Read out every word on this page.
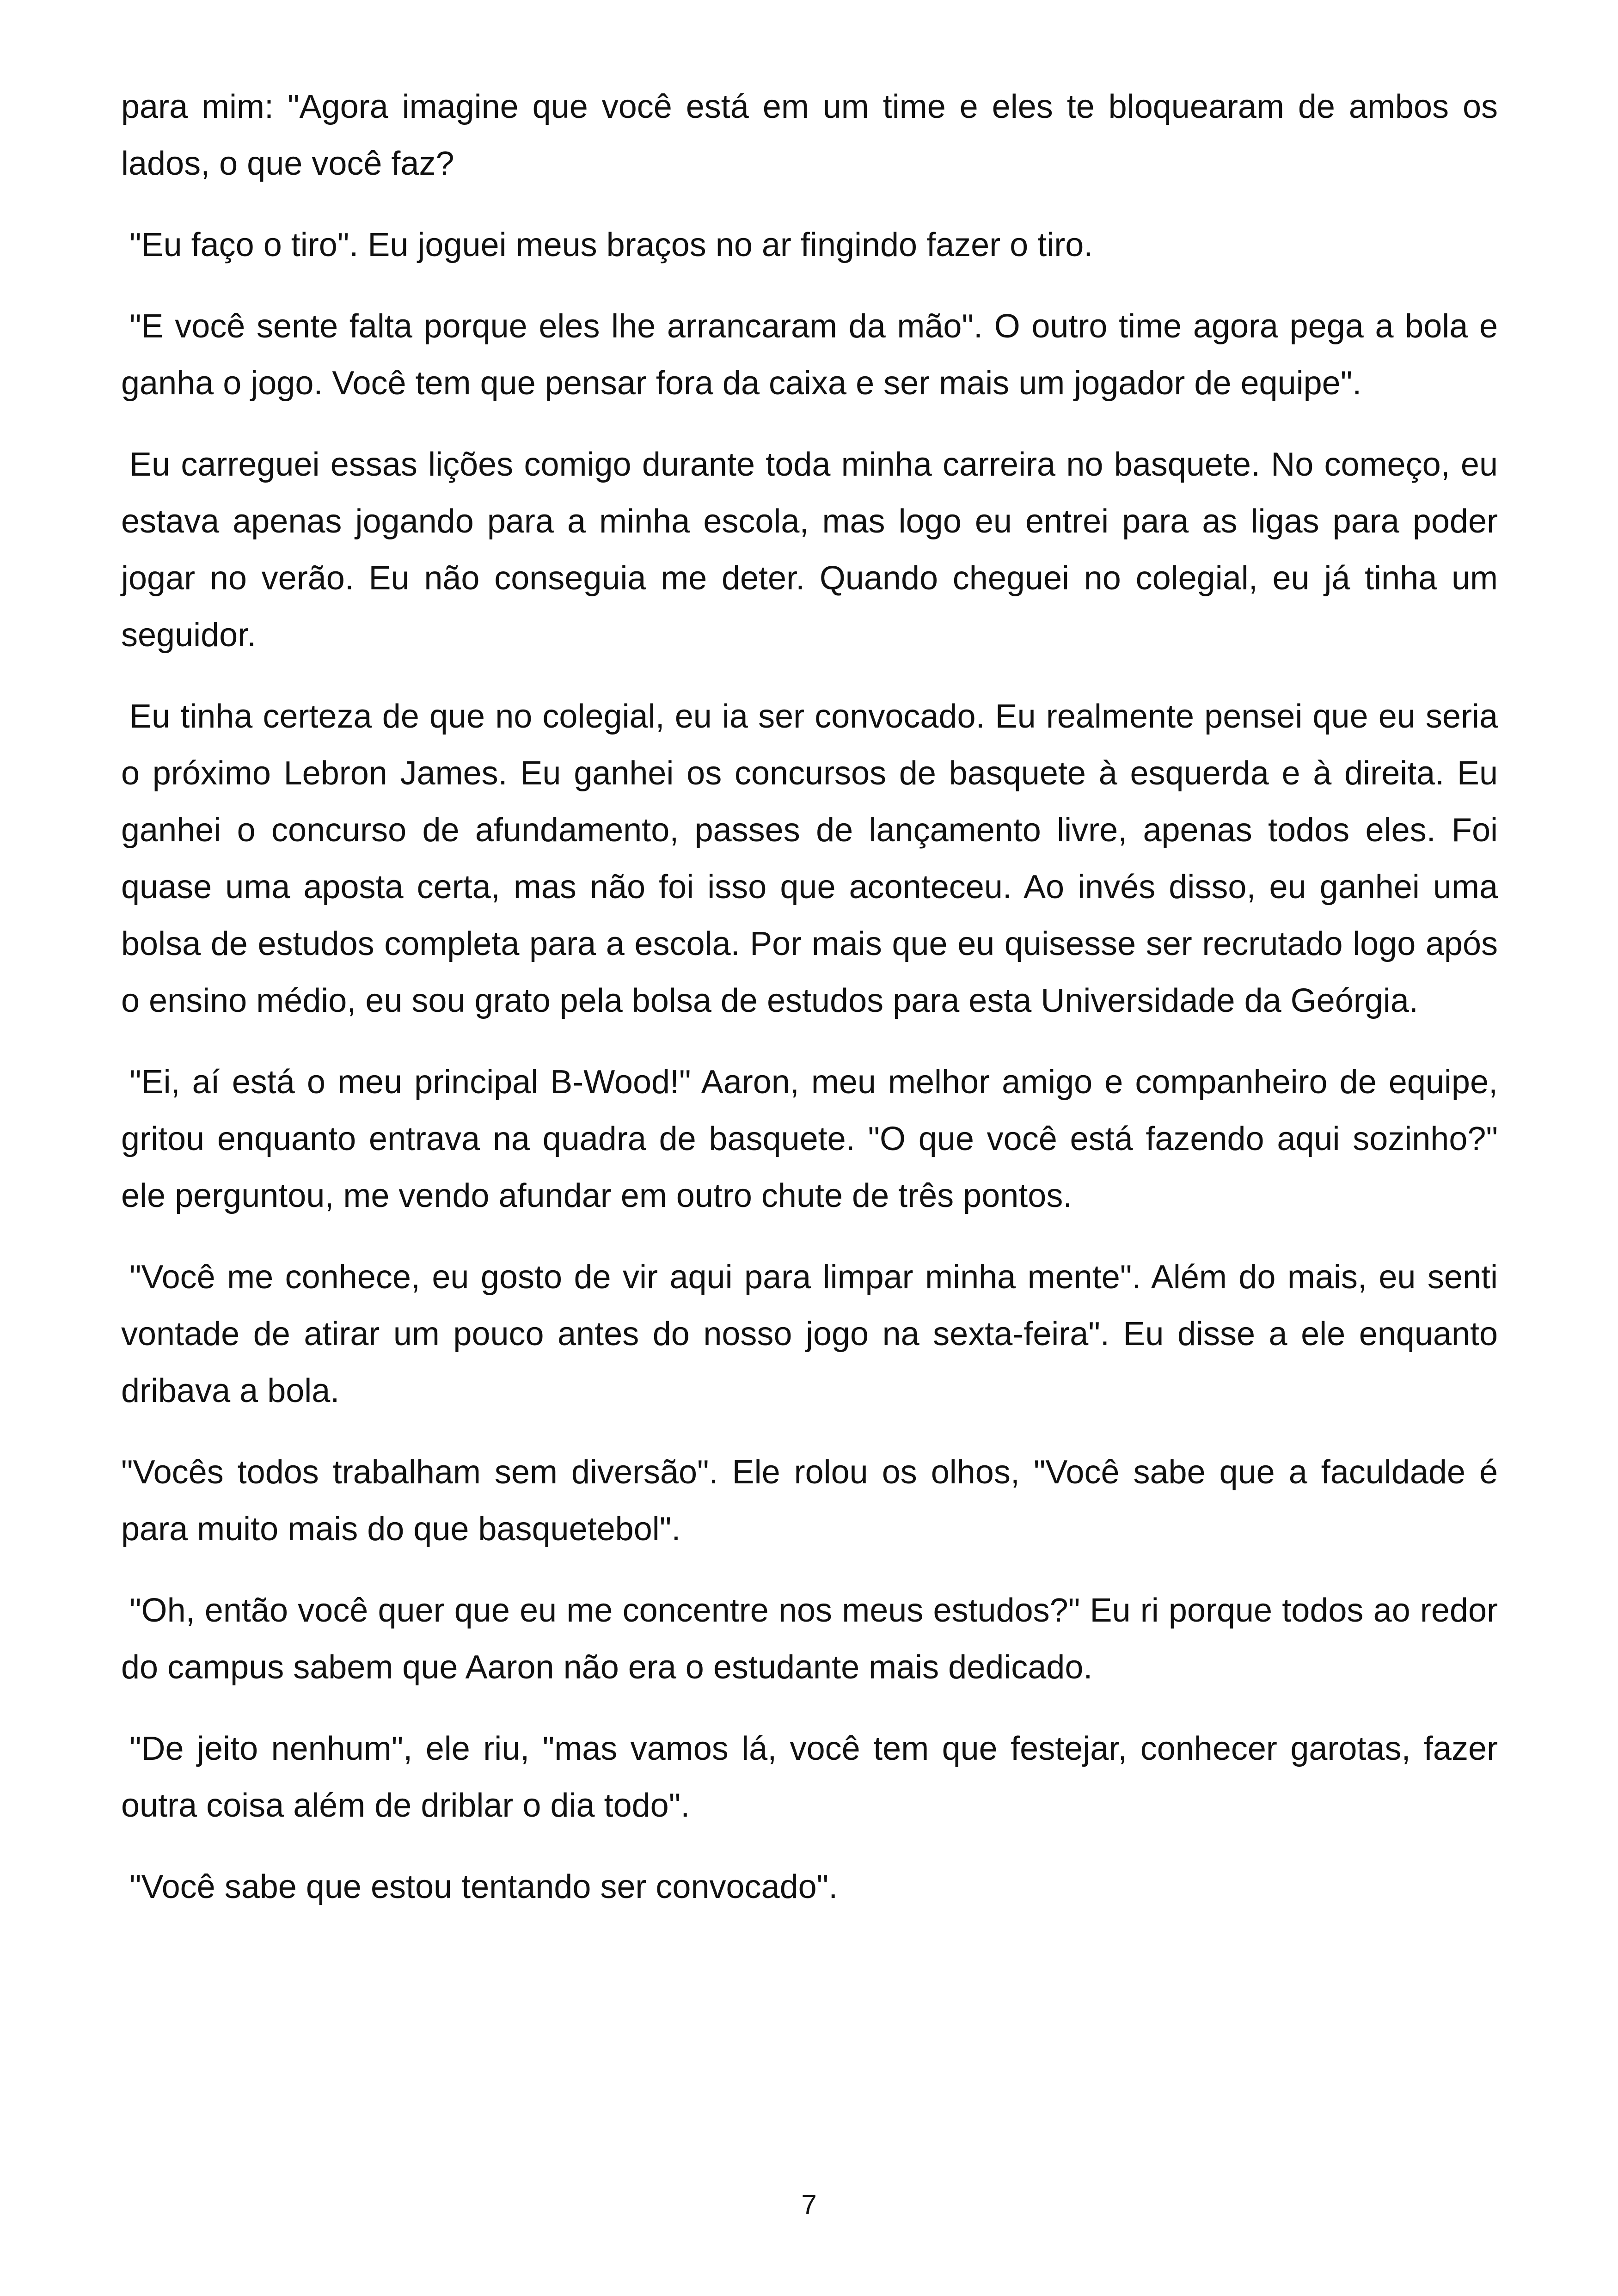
para mim: "Agora imagine que você está em um time e eles te bloquearam de ambos os lados, o que você faz?

"Eu faço o tiro". Eu joguei meus braços no ar fingindo fazer o tiro.

"E você sente falta porque eles lhe arrancaram da mão". O outro time agora pega a bola e ganha o jogo. Você tem que pensar fora da caixa e ser mais um jogador de equipe".

Eu carreguei essas lições comigo durante toda minha carreira no basquete. No começo, eu estava apenas jogando para a minha escola, mas logo eu entrei para as ligas para poder jogar no verão. Eu não conseguia me deter. Quando cheguei no colegial, eu já tinha um seguidor.

Eu tinha certeza de que no colegial, eu ia ser convocado. Eu realmente pensei que eu seria o próximo Lebron James. Eu ganhei os concursos de basquete à esquerda e à direita. Eu ganhei o concurso de afundamento, passes de lançamento livre, apenas todos eles. Foi quase uma aposta certa, mas não foi isso que aconteceu. Ao invés disso, eu ganhei uma bolsa de estudos completa para a escola. Por mais que eu quisesse ser recrutado logo após o ensino médio, eu sou grato pela bolsa de estudos para esta Universidade da Geórgia.

"Ei, aí está o meu principal B-Wood!" Aaron, meu melhor amigo e companheiro de equipe, gritou enquanto entrava na quadra de basquete. "O que você está fazendo aqui sozinho?" ele perguntou, me vendo afundar em outro chute de três pontos.

"Você me conhece, eu gosto de vir aqui para limpar minha mente". Além do mais, eu senti vontade de atirar um pouco antes do nosso jogo na sexta-feira". Eu disse a ele enquanto dribava a bola.

"Vocês todos trabalham sem diversão". Ele rolou os olhos, "Você sabe que a faculdade é para muito mais do que basquetebol".

"Oh, então você quer que eu me concentre nos meus estudos?" Eu ri porque todos ao redor do campus sabem que Aaron não era o estudante mais dedicado.

"De jeito nenhum", ele riu, "mas vamos lá, você tem que festejar, conhecer garotas, fazer outra coisa além de driblar o dia todo".

"Você sabe que estou tentando ser convocado".

7
